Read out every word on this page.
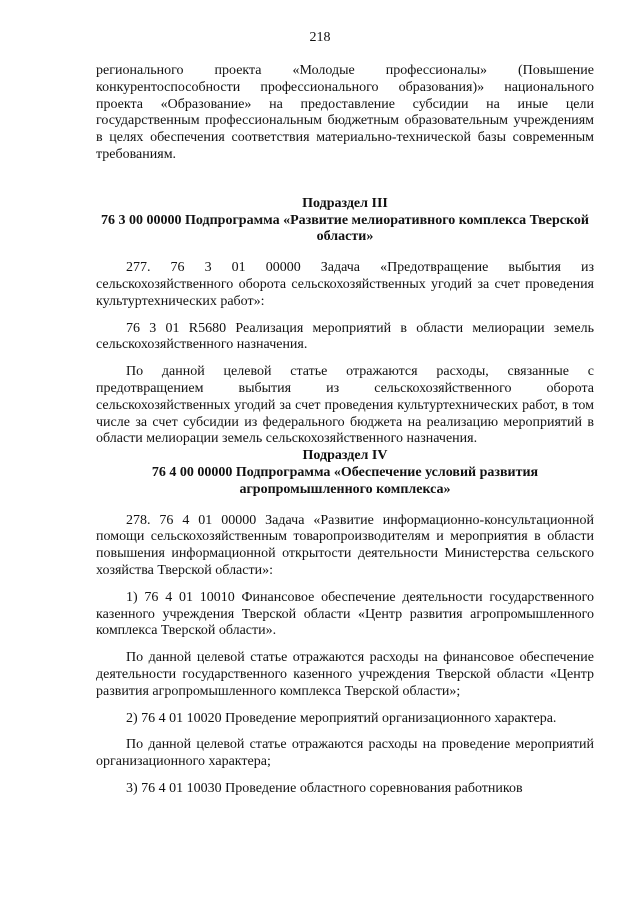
218

регионального проекта «Молодые профессионалы» (Повышение конкурентоспособности профессионального образования)» национального проекта «Образование» на предоставление субсидии на иные цели государственным профессиональным бюджетным образовательным учреждениям в целях обеспечения соответствия материально-технической базы современным требованиям.

Подраздел III

76 3 00 00000 Подпрограмма «Развитие мелиоративного комплекса Тверской области»

277. 76 3 01 00000 Задача «Предотвращение выбытия из сельскохозяйственного оборота сельскохозяйственных угодий за счет проведения культуртехнических работ»:

76 3 01 R5680 Реализация мероприятий в области мелиорации земель сельскохозяйственного назначения.

По данной целевой статье отражаются расходы, связанные с предотвращением выбытия из сельскохозяйственного оборота сельскохозяйственных угодий за счет проведения культуртехнических работ, в том числе за счет субсидии из федерального бюджета на реализацию мероприятий в области мелиорации земель сельскохозяйственного назначения.

Подраздел IV

76 4 00 00000 Подпрограмма «Обеспечение условий развития агропромышленного комплекса»

278. 76 4 01 00000 Задача «Развитие информационно-консультационной помощи сельскохозяйственным товаропроизводителям и мероприятия в области повышения информационной открытости деятельности Министерства сельского хозяйства Тверской области»:

1) 76 4 01 10010 Финансовое обеспечение деятельности государственного казенного учреждения Тверской области «Центр развития агропромышленного комплекса Тверской области».

По данной целевой статье отражаются расходы на финансовое обеспечение деятельности государственного казенного учреждения Тверской области «Центр развития агропромышленного комплекса Тверской области»;

2) 76 4 01 10020 Проведение мероприятий организационного характера.

По данной целевой статье отражаются расходы на проведение мероприятий организационного характера;

3) 76 4 01 10030 Проведение областного соревнования работников
